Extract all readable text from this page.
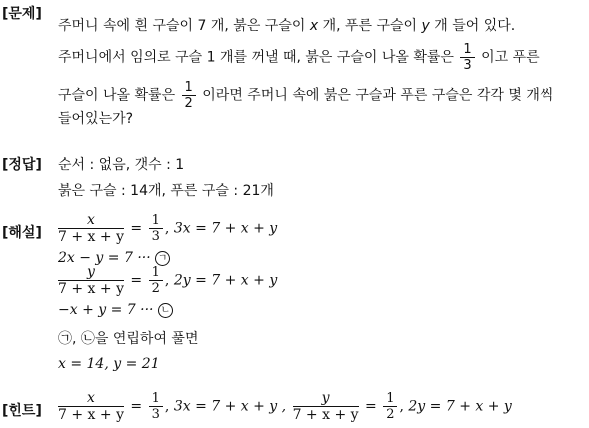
[문제]
주머니 속에 흰 구슬이 7 개, 붉은 구슬이 x 개, 푸른 구슬이 y 개 들어 있다.
주머니에서 임의로 구슬 1 개를 꺼낼 때, 붉은 구슬이 나올 확률은 $\frac{1}{3}$ 이고 푸른
구슬이 나올 확률은 $\frac{1}{2}$ 이라면 주머니 속에 붉은 구슬과 푸른 구슬은 각각 몇 개씩
들어있는가?
[정답] 순서 : 없음, 갯수 : 1
붉은 구슬 : 14개, 푸른 구슬 : 21개
[해설] $\frac{x}{7 + x + y} = \frac{1}{3}$ , 3x = 7 + x + y
2x − y = 7 ··· ㄱ
$\frac{y}{7 + x + y} = \frac{1}{2}$ , 2y = 7 + x + y
−x + y = 7 ··· ㄴ
㉠, ㉡을 연립하여 풀면
x = 14, y = 21
[힌트] $\frac{x}{7 + x + y} = \frac{1}{3}$ , 3x = 7 + x + y , $\frac{y}{7 + x + y} = \frac{1}{2}$ , 2y = 7 + x + y
